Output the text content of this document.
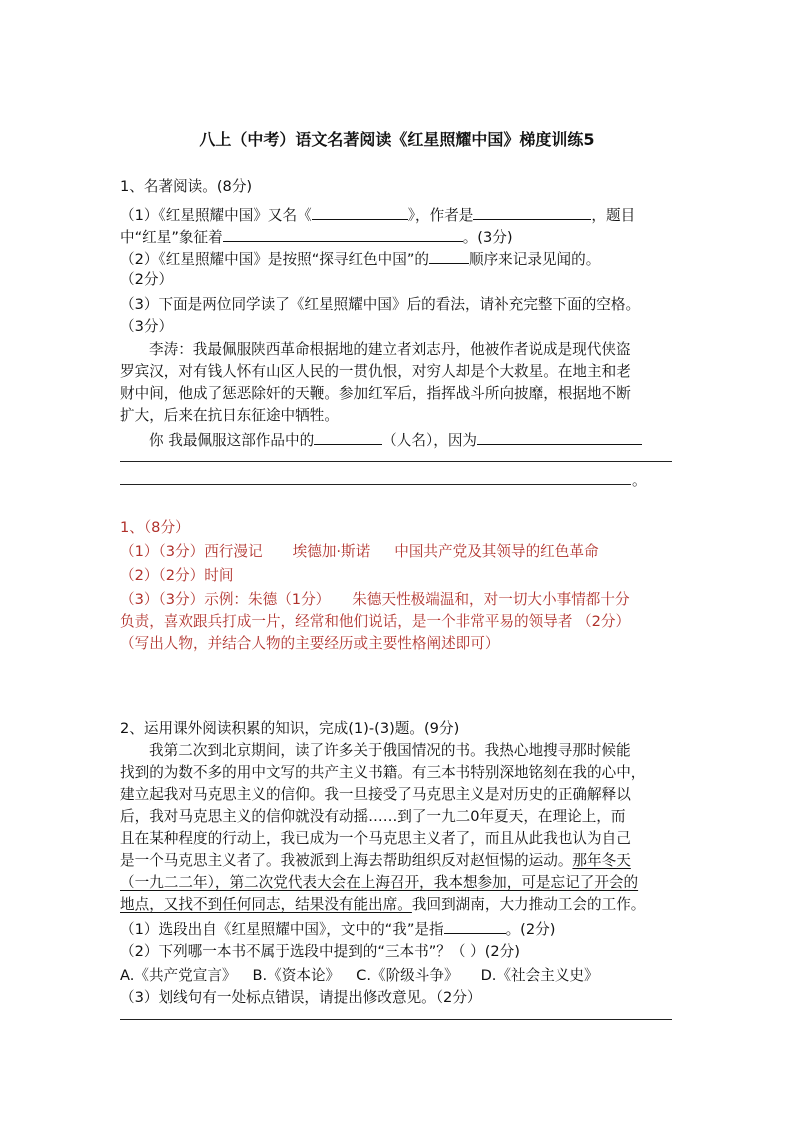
八上（中考）语文名著阅读《红星照耀中国》梯度训练5
1、名著阅读。(8分)
（1）《红星照耀中国》又名《	》，作者是	，题目
中“红星”象征着	。(3分)
（2）《红星照耀中国》是按照“探寻红色中国”的	顺序来记录见闻的。
（2分）
（3）下面是两位同学读了《红星照耀中国》后的看法，请补充完整下面的空格。
（3分）
李涛：我最佩服陕西革命根据地的建立者刘志丹，他被作者说成是现代侠盗
罗宾汉，对有钱人怀有山区人民的一贯仇恨，对穷人却是个大救星。在地主和老
财中间，他成了惩恶除奸的天鞭。参加红军后，指挥战斗所向披靡，根据地不断
扩大，后来在抗日东征途中牺牲。
你 我最佩服这部作品中的	（人名），因为
。
1、（8分）
（1）（3分）西行漫记 埃德加·斯诺 中国共产党及其领导的红色革命
（2）（2分）时间
（3）（3分）示例：朱德（1分） 朱德天性极端温和，对一切大小事情都十分
负责，喜欢跟兵打成一片，经常和他们说话，是一个非常平易的领导者 （2分）
（写出人物，并结合人物的主要经历或主要性格阐述即可）
2、运用课外阅读积累的知识，完成(1)-(3)题。(9分)
我第二次到北京期间，读了许多关于俄国情况的书。我热心地搜寻那时候能
找到的为数不多的用中文写的共产主义书籍。有三本书特别深地铭刻在我的心中，
建立起我对马克思主义的信仰。我一旦接受了马克思主义是对历史的正确解释以
后，我对马克思主义的信仰就没有动摇……到了一九二0年夏天，在理论上，而
且在某种程度的行动上，我已成为一个马克思主义者了，而且从此我也认为自己
是一个马克思主义者了。我被派到上海去帮助组织反对赵恒惕的运动。那年冬天
（一九二二年），第二次党代表大会在上海召开，我本想参加，可是忘记了开会的
地点，又找不到任何同志，结果没有能出席。我回到湖南，大力推动工会的工作。
（1）选段出自《红星照耀中国》，文中的“我”是指	。(2分)
（2）下列哪一本书不属于选段中提到的“三本书”？（ ）(2分)
A.《共产党宣言》 B.《资本论》 C.《阶级斗争》 D.《社会主义史》
（3）划线句有一处标点错误，请提出修改意见。（2分）
